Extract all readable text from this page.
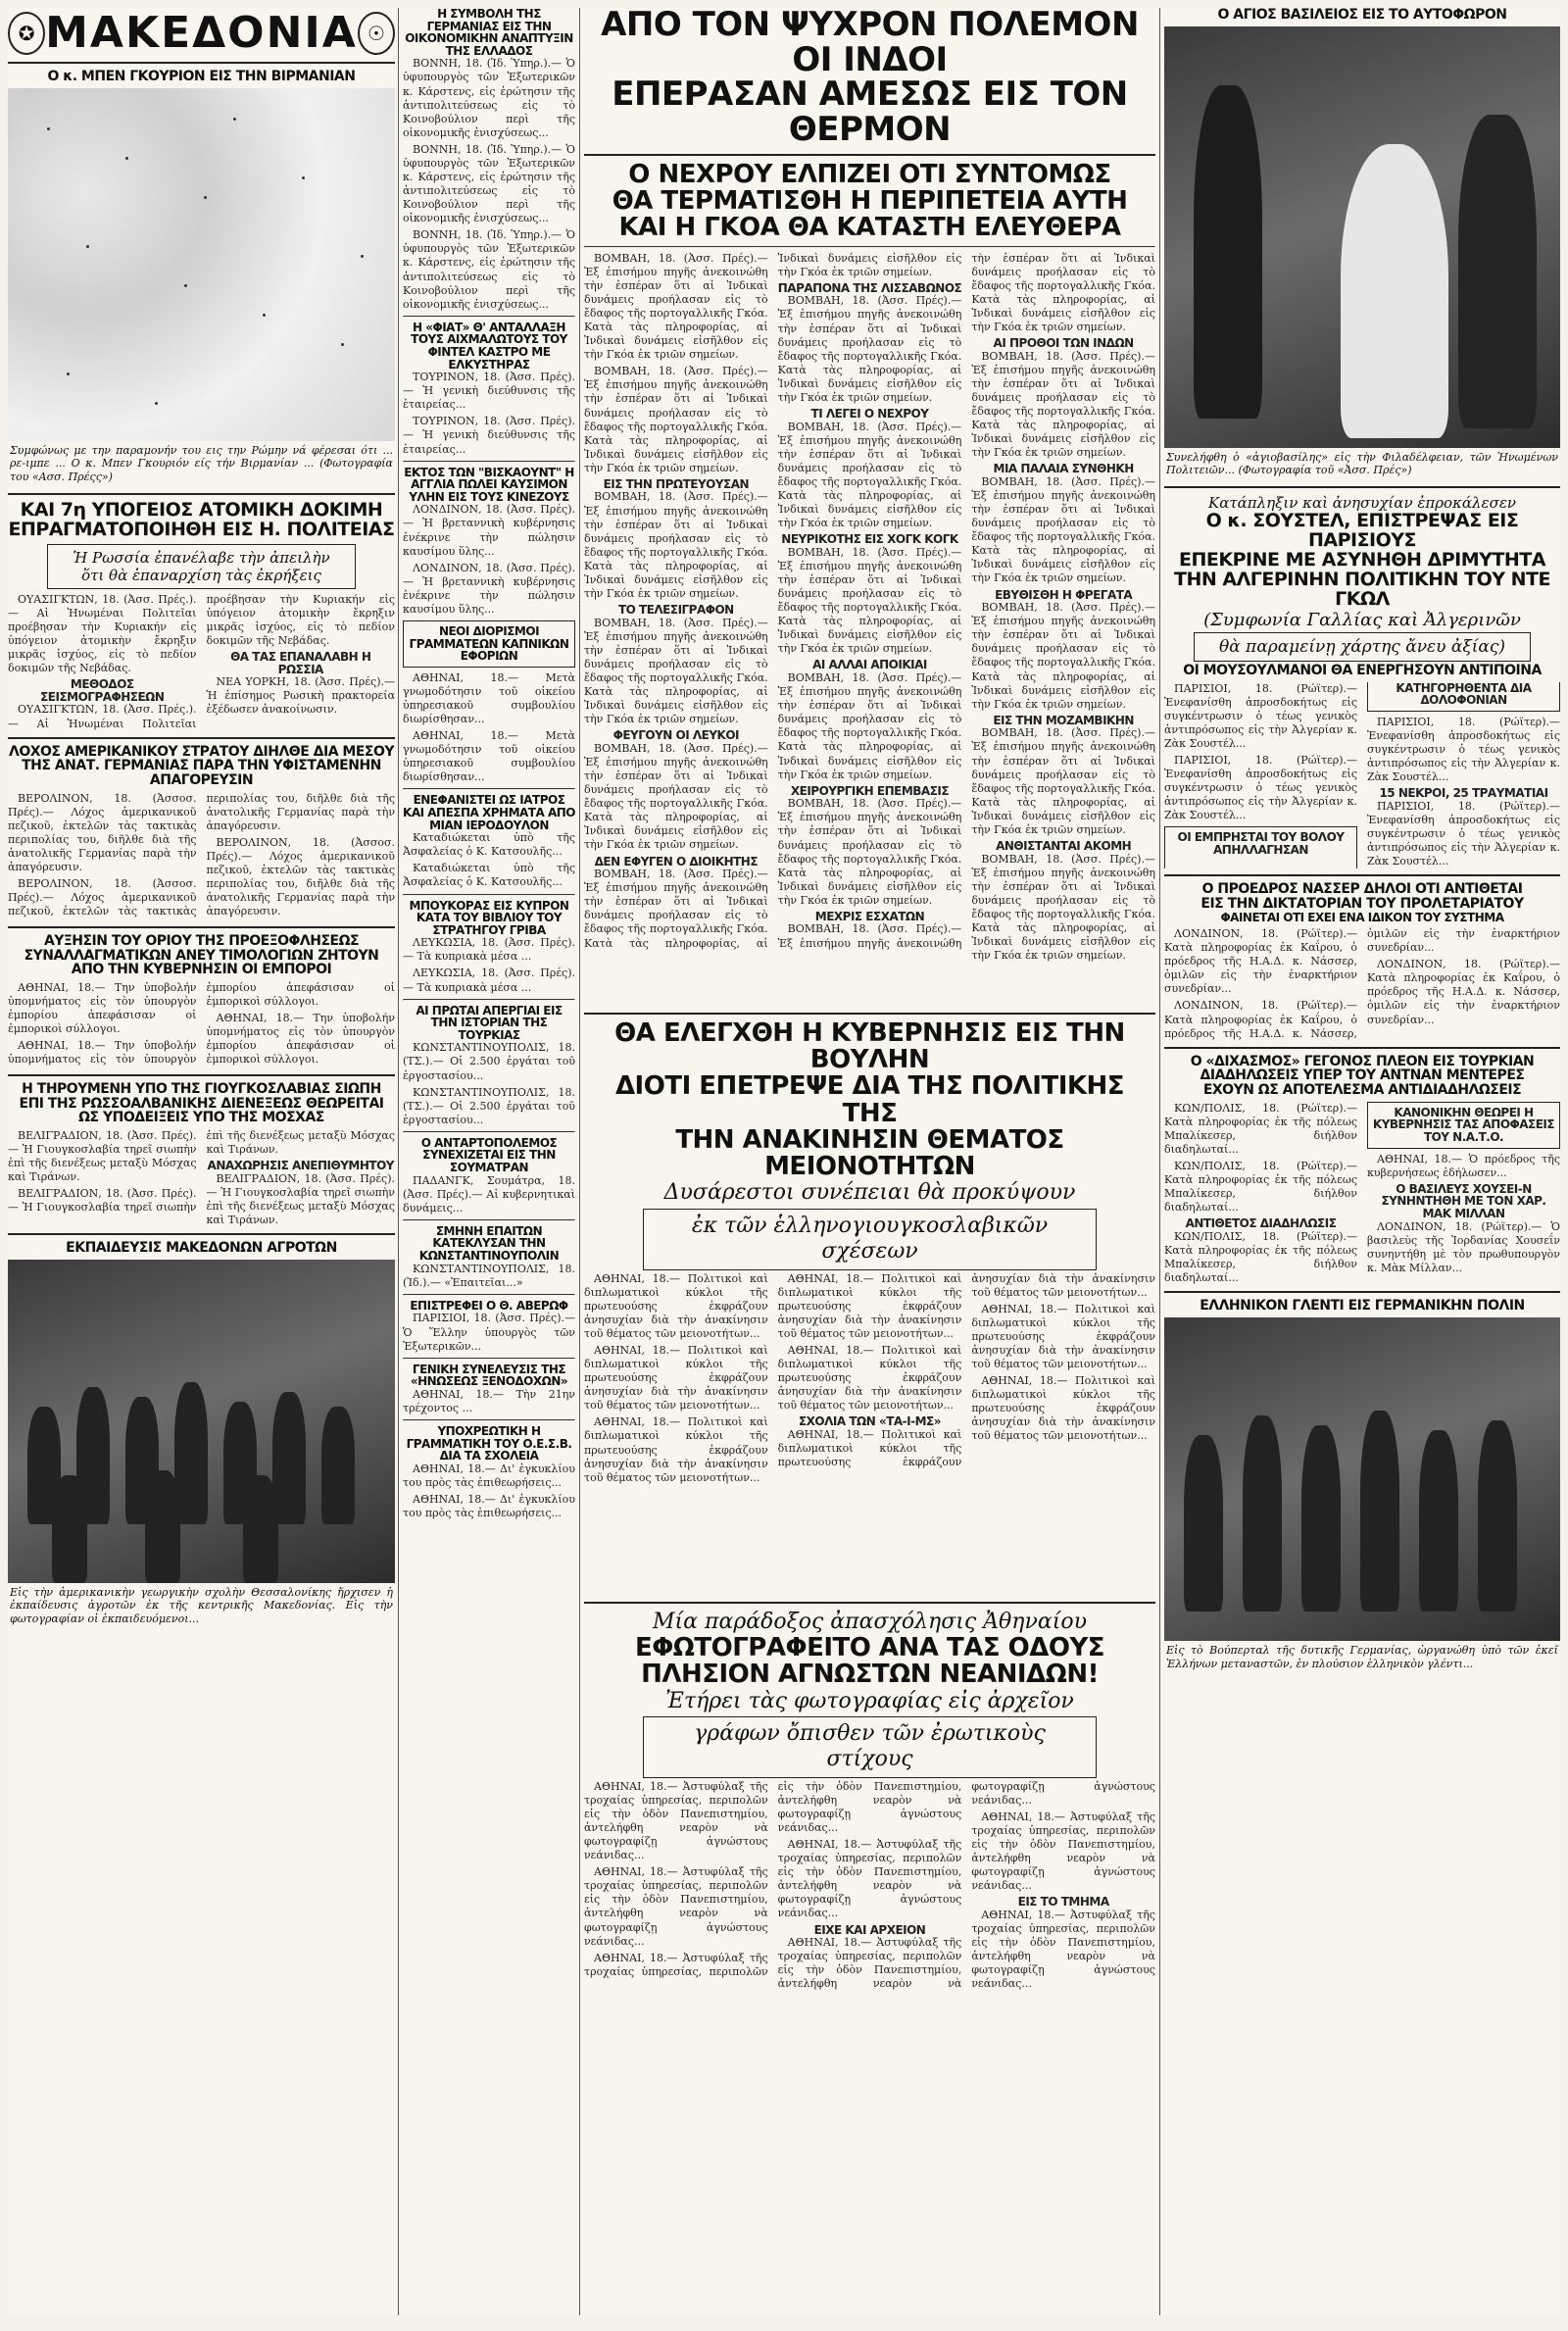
✪ ΜΑΚΕΔΟΝΙΑ ☉
Ο κ. ΜΠΕΝ ΓΚΟΥΡΙΟΝ ΕΙΣ ΤΗΝ ΒΙΡΜΑΝΙΑΝ
Συμφώνως με την παραμονήν του εις την Ρώμην νά φέρεσαι ότι ... ρε-ιμπε ... Ο κ. Μπεν Γκουριόν είς τήν Βιρμανίαν ... (Φωτογραφία του «Ασσ. Πρέςς»)
ΚΑΙ 7η ΥΠΟΓΕΙΟΣ ΑΤΟΜΙΚΗ ΔΟΚΙΜΗ ΕΠΡΑΓΜΑΤΟΠΟΙΗΘΗ ΕΙΣ Η. ΠΟΛΙΤΕΙΑΣ
Ἡ Ρωσσία ἐπανέλαβε τὴν ἀπειλὴν
ὅτι θὰ ἐπαναρχίση τὰς ἐκρήξεις

ΟΥΑΣΙΓΚΤΩΝ, 18. (Ἀσσ. Πρές.).— Αἱ Ἡνωμέναι Πολιτεῖαι προέβησαν τὴν Κυριακήν εἰς ὑπόγειον ἀτομικὴν ἔκρηξιν μικρᾶς ἰσχύος, εἰς τὸ πεδίον δοκιμῶν τῆς Νεβάδας.

ΜΕΘΟΔΟΣ ΣΕΙΣΜΟΓΡΑΦΗΣΕΩΝ

ΟΥΑΣΙΓΚΤΩΝ, 18. (Ἀσσ. Πρές.).— Αἱ Ἡνωμέναι Πολιτεῖαι προέβησαν τὴν Κυριακήν εἰς ὑπόγειον ἀτομικὴν ἔκρηξιν μικρᾶς ἰσχύος, εἰς τὸ πεδίον δοκιμῶν τῆς Νεβάδας.

ΘΑ ΤΑΣ ΕΠΑΝΑΛΑΒΗ Η ΡΩΣΣΙΑ

ΝΕΑ ΥΟΡΚΗ, 18. (Ἀσσ. Πρές).— Ἡ ἐπίσημος Ρωσικὴ πρακτορεία ἐξέδωσεν ἀνακοίνωσιν.

ΛΟΧΟΣ ΑΜΕΡΙΚΑΝΙΚΟΥ ΣΤΡΑΤΟΥ ΔΙΗΛΘΕ ΔΙΑ ΜΕΣΟΥ ΤΗΣ ΑΝΑΤ. ΓΕΡΜΑΝΙΑΣ ΠΑΡΑ ΤΗΝ ΥΦΙΣΤΑΜΕΝΗΝ ΑΠΑΓΟΡΕΥΣΙΝ

ΒΕΡΟΛΙΝΟΝ, 18. (Ἀσσοσ. Πρές).— Λόχος ἀμερικανικοῦ πεζικοῦ, ἐκτελῶν τὰς τακτικὰς περιπολίας του, διῆλθε διὰ τῆς ἀνατολικῆς Γερμανίας παρὰ τὴν ἀπαγόρευσιν.

ΒΕΡΟΛΙΝΟΝ, 18. (Ἀσσοσ. Πρές).— Λόχος ἀμερικανικοῦ πεζικοῦ, ἐκτελῶν τὰς τακτικὰς περιπολίας του, διῆλθε διὰ τῆς ἀνατολικῆς Γερμανίας παρὰ τὴν ἀπαγόρευσιν.

ΒΕΡΟΛΙΝΟΝ, 18. (Ἀσσοσ. Πρές).— Λόχος ἀμερικανικοῦ πεζικοῦ, ἐκτελῶν τὰς τακτικὰς περιπολίας του, διῆλθε διὰ τῆς ἀνατολικῆς Γερμανίας παρὰ τὴν ἀπαγόρευσιν.

ΑΥΞΗΣΙΝ ΤΟΥ ΟΡΙΟΥ ΤΗΣ ΠΡΟΕΞΟΦΛΗΣΕΩΣ ΣΥΝΑΛΛΑΓΜΑΤΙΚΩΝ ΑΝΕΥ ΤΙΜΟΛΟΓΙΩΝ ΖΗΤΟΥΝ ΑΠΟ ΤΗΝ ΚΥΒΕΡΝΗΣΙΝ ΟΙ ΕΜΠΟΡΟΙ

ΑΘΗΝΑΙ, 18.— Την ὑποβολήν ὑπομνήματος εἰς τὸν ὑπουργὸν ἐμπορίου ἀπεφάσισαν οἱ ἐμπορικοὶ σύλλογοι.

ΑΘΗΝΑΙ, 18.— Την ὑποβολήν ὑπομνήματος εἰς τὸν ὑπουργὸν ἐμπορίου ἀπεφάσισαν οἱ ἐμπορικοὶ σύλλογοι.

ΑΘΗΝΑΙ, 18.— Την ὑποβολήν ὑπομνήματος εἰς τὸν ὑπουργὸν ἐμπορίου ἀπεφάσισαν οἱ ἐμπορικοὶ σύλλογοι.

Η ΤΗΡΟΥΜΕΝΗ ΥΠΟ ΤΗΣ ΓΙΟΥΓΚΟΣΛΑΒΙΑΣ ΣΙΩΠΗ ΕΠΙ ΤΗΣ ΡΩΣΣΟΑΛΒΑΝΙΚΗΣ ΔΙΕΝΕΞΕΩΣ ΘΕΩΡΕΙΤΑΙ ΩΣ ΥΠΟΔΕΙΞΕΙΣ ΥΠΟ ΤΗΣ ΜΟΣΧΑΣ

ΒΕΛΙΓΡΑΔΙΟΝ, 18. (Ἀσσ. Πρές).— Ἡ Γιουγκοσλαβία τηρεῖ σιωπὴν ἐπὶ τῆς διενέξεως μεταξὺ Μόσχας καὶ Τιράνων.

ΒΕΛΙΓΡΑΔΙΟΝ, 18. (Ἀσσ. Πρές).— Ἡ Γιουγκοσλαβία τηρεῖ σιωπὴν ἐπὶ τῆς διενέξεως μεταξὺ Μόσχας καὶ Τιράνων.

ΑΝΑΧΩΡΗΣΙΣ ΑΝΕΠΙΘΥΜΗΤΟΥ

ΒΕΛΙΓΡΑΔΙΟΝ, 18. (Ἀσσ. Πρές).— Ἡ Γιουγκοσλαβία τηρεῖ σιωπὴν ἐπὶ τῆς διενέξεως μεταξὺ Μόσχας καὶ Τιράνων.

ΕΚΠΑΙΔΕΥΣΙΣ ΜΑΚΕΔΟΝΩΝ ΑΓΡΟΤΩΝ
Εἰς τὴν ἀμερικανικὴν γεωργικὴν σχολὴν Θεσσαλονίκης ἤρχισεν ἡ ἐκπαίδευσις ἀγροτῶν ἐκ τῆς κεντρικῆς Μακεδονίας. Εἰς τὴν φωτογραφίαν οἱ ἐκπαιδευόμενοι...
Η ΣΥΜΒΟΛΗ ΤΗΣ ΓΕΡΜΑΝΙΑΣ ΕΙΣ ΤΗΝ ΟΙΚΟΝΟΜΙΚΗΝ ΑΝΑΠΤΥΞΙΝ ΤΗΣ ΕΛΛΑΔΟΣ

ΒΟΝΝΗ, 18. (Ἰδ. Ὑπηρ.).— Ὁ ὑφυπουργὸς τῶν Ἐξωτερικῶν κ. Κάρστενς, εἰς ἐρώτησιν τῆς ἀντιπολιτεύσεως εἰς τὸ Κοινοβούλιον περὶ τῆς οἰκονομικῆς ἐνισχύσεως...

ΒΟΝΝΗ, 18. (Ἰδ. Ὑπηρ.).— Ὁ ὑφυπουργὸς τῶν Ἐξωτερικῶν κ. Κάρστενς, εἰς ἐρώτησιν τῆς ἀντιπολιτεύσεως εἰς τὸ Κοινοβούλιον περὶ τῆς οἰκονομικῆς ἐνισχύσεως...

ΒΟΝΝΗ, 18. (Ἰδ. Ὑπηρ.).— Ὁ ὑφυπουργὸς τῶν Ἐξωτερικῶν κ. Κάρστενς, εἰς ἐρώτησιν τῆς ἀντιπολιτεύσεως εἰς τὸ Κοινοβούλιον περὶ τῆς οἰκονομικῆς ἐνισχύσεως...

Η «ΦΙΑΤ» Θ' ΑΝΤΑΛΛΑΞΗ ΤΟΥΣ ΑΙΧΜΑΛΩΤΟΥΣ ΤΟΥ ΦΙΝΤΕΛ ΚΑΣΤΡΟ ΜΕ ΕΛΚΥΣΤΗΡΑΣ

ΤΟΥΡΙΝΟΝ, 18. (Ἀσσ. Πρές).— Ἡ γενικὴ διεύθυνσις τῆς ἑταιρείας...

ΤΟΥΡΙΝΟΝ, 18. (Ἀσσ. Πρές).— Ἡ γενικὴ διεύθυνσις τῆς ἑταιρείας...

ΕΚΤΟΣ ΤΩΝ "ΒΙΣΚΑΟΥΝΤ" Η ΑΓΓΛΙΑ ΠΩΛΕΙ ΚΑΥΣΙΜΟΝ ΥΛΗΝ ΕΙΣ ΤΟΥΣ ΚΙΝΕΖΟΥΣ

ΛΟΝΔΙΝΟΝ, 18. (Ἀσσ. Πρές).— Ἡ βρεταννικὴ κυβέρνησις ἐνέκρινε τὴν πώλησιν καυσίμου ὕλης...

ΛΟΝΔΙΝΟΝ, 18. (Ἀσσ. Πρές).— Ἡ βρεταννικὴ κυβέρνησις ἐνέκρινε τὴν πώλησιν καυσίμου ὕλης...

ΝΕΟΙ ΔΙΟΡΙΣΜΟΙ ΓΡΑΜΜΑΤΕΩΝ ΚΑΠΝΙΚΩΝ ΕΦΟΡΙΩΝ

ΑΘΗΝΑΙ, 18.— Μετὰ γνωμοδότησιν τοῦ οἰκείου ὑπηρεσιακοῦ συμβουλίου διωρίσθησαν...

ΑΘΗΝΑΙ, 18.— Μετὰ γνωμοδότησιν τοῦ οἰκείου ὑπηρεσιακοῦ συμβουλίου διωρίσθησαν...

ΕΝΕΦΑΝΙΣΤΕΙ ΩΣ ΙΑΤΡΟΣ ΚΑΙ ΑΠΕΣΠΑ ΧΡΗΜΑΤΑ ΑΠΟ ΜΙΑΝ ΙΕΡΟΔΟΥΛΟΝ

Καταδιώκεται ὑπὸ τῆς Ἀσφαλείας ὁ Κ. Κατσουλῆς...

Καταδιώκεται ὑπὸ τῆς Ἀσφαλείας ὁ Κ. Κατσουλῆς...

ΜΠΟΥΚΟΡΑΣ ΕΙΣ ΚΥΠΡΟΝ ΚΑΤΑ ΤΟΥ ΒΙΒΛΙΟΥ ΤΟΥ ΣΤΡΑΤΗΓΟΥ ΓΡΙΒΑ

ΛΕΥΚΩΣΙΑ, 18. (Ἀσσ. Πρές).— Τὰ κυπριακὰ μέσα ...

ΛΕΥΚΩΣΙΑ, 18. (Ἀσσ. Πρές).— Τὰ κυπριακὰ μέσα ...

ΑΙ ΠΡΩΤΑΙ ΑΠΕΡΓΙΑΙ ΕΙΣ ΤΗΝ ΙΣΤΟΡΙΑΝ ΤΗΣ ΤΟΥΡΚΙΑΣ

ΚΩΝΣΤΑΝΤΙΝΟΥΠΟΛΙΣ, 18. (ΤΣ.).— Οἱ 2.500 ἐργάται τοῦ ἐργοστασίου...

ΚΩΝΣΤΑΝΤΙΝΟΥΠΟΛΙΣ, 18. (ΤΣ.).— Οἱ 2.500 ἐργάται τοῦ ἐργοστασίου...

Ο ΑΝΤΑΡΤΟΠΟΛΕΜΟΣ ΣΥΝΕΧΙΖΕΤΑΙ ΕΙΣ ΤΗΝ ΣΟΥΜΑΤΡΑΝ

ΠΑΔΑΝΓΚ, Σουμάτρα, 18. (Ἀσσ. Πρές).— Αἱ κυβερνητικαὶ δυνάμεις...

ΣΜΗΝΗ ΕΠΑΙΤΩΝ ΚΑΤΕΚΛΥΣΑΝ ΤΗΝ ΚΩΝΣΤΑΝΤΙΝΟΥΠΟΛΙΝ

ΚΩΝΣΤΑΝΤΙΝΟΥΠΟΛΙΣ, 18. (Ἰδ.).— «Ἐπαιτεῖαι...»

ΕΠΙΣΤΡΕΦΕΙ Ο Θ. ΑΒΕΡΩΦ

ΠΑΡΙΣΙΟΙ, 18. (Ἀσσ. Πρές).— Ὁ Ἕλλην ὑπουργὸς τῶν Ἐξωτερικῶν...

ΓΕΝΙΚΗ ΣΥΝΕΛΕΥΣΙΣ ΤΗΣ «ΗΝΩΣΕΩΣ ΞΕΝΟΔΟΧΩΝ»

ΑΘΗΝΑΙ, 18.— Τὴν 21ην τρέχοντος ...

ΥΠΟΧΡΕΩΤΙΚΗ Η ΓΡΑΜΜΑΤΙΚΗ ΤΟΥ Ο.Ε.Σ.Β. ΔΙΑ ΤΑ ΣΧΟΛΕΙΑ

ΑΘΗΝΑΙ, 18.— Δι' ἐγκυκλίου του πρὸς τὰς ἐπιθεωρήσεις...

ΑΘΗΝΑΙ, 18.— Δι' ἐγκυκλίου του πρὸς τὰς ἐπιθεωρήσεις...

ΑΠΟ ΤΟΝ ΨΥΧΡΟΝ ΠΟΛΕΜΟΝ ΟΙ ΙΝΔΟΙ
ΕΠΕΡΑΣΑΝ ΑΜΕΣΩΣ ΕΙΣ ΤΟΝ ΘΕΡΜΟΝ
Ο ΝΕΧΡΟΥ ΕΛΠΙΖΕΙ ΟΤΙ ΣΥΝΤΟΜΩΣ
ΘΑ ΤΕΡΜΑΤΙΣΘΗ Η ΠΕΡΙΠΕΤΕΙΑ ΑΥΤΗ
ΚΑΙ Η ΓΚΟΑ ΘΑ ΚΑΤΑΣΤΗ ΕΛΕΥΘΕΡΑ

ΒΟΜΒΑΗ, 18. (Ἀσσ. Πρές).— Ἐξ ἐπισήμου πηγῆς ἀνεκοινώθη τὴν ἑσπέραν ὅτι αἱ Ἰνδικαὶ δυνάμεις προήλασαν εἰς τὸ ἔδαφος τῆς πορτογαλλικῆς Γκόα. Κατὰ τὰς πληροφορίας, αἱ Ἰνδικαὶ δυνάμεις εἰσῆλθον εἰς τὴν Γκόα ἐκ τριῶν σημείων.

ΒΟΜΒΑΗ, 18. (Ἀσσ. Πρές).— Ἐξ ἐπισήμου πηγῆς ἀνεκοινώθη τὴν ἑσπέραν ὅτι αἱ Ἰνδικαὶ δυνάμεις προήλασαν εἰς τὸ ἔδαφος τῆς πορτογαλλικῆς Γκόα. Κατὰ τὰς πληροφορίας, αἱ Ἰνδικαὶ δυνάμεις εἰσῆλθον εἰς τὴν Γκόα ἐκ τριῶν σημείων.

ΕΙΣ ΤΗΝ ΠΡΩΤΕΥΟΥΣΑΝ

ΒΟΜΒΑΗ, 18. (Ἀσσ. Πρές).— Ἐξ ἐπισήμου πηγῆς ἀνεκοινώθη τὴν ἑσπέραν ὅτι αἱ Ἰνδικαὶ δυνάμεις προήλασαν εἰς τὸ ἔδαφος τῆς πορτογαλλικῆς Γκόα. Κατὰ τὰς πληροφορίας, αἱ Ἰνδικαὶ δυνάμεις εἰσῆλθον εἰς τὴν Γκόα ἐκ τριῶν σημείων.

ΤΟ ΤΕΛΕΣΙΓΡΑΦΟΝ

ΒΟΜΒΑΗ, 18. (Ἀσσ. Πρές).— Ἐξ ἐπισήμου πηγῆς ἀνεκοινώθη τὴν ἑσπέραν ὅτι αἱ Ἰνδικαὶ δυνάμεις προήλασαν εἰς τὸ ἔδαφος τῆς πορτογαλλικῆς Γκόα. Κατὰ τὰς πληροφορίας, αἱ Ἰνδικαὶ δυνάμεις εἰσῆλθον εἰς τὴν Γκόα ἐκ τριῶν σημείων.

ΦΕΥΓΟΥΝ ΟΙ ΛΕΥΚΟΙ

ΒΟΜΒΑΗ, 18. (Ἀσσ. Πρές).— Ἐξ ἐπισήμου πηγῆς ἀνεκοινώθη τὴν ἑσπέραν ὅτι αἱ Ἰνδικαὶ δυνάμεις προήλασαν εἰς τὸ ἔδαφος τῆς πορτογαλλικῆς Γκόα. Κατὰ τὰς πληροφορίας, αἱ Ἰνδικαὶ δυνάμεις εἰσῆλθον εἰς τὴν Γκόα ἐκ τριῶν σημείων.

ΔΕΝ ΕΦΥΓΕΝ Ο ΔΙΟΙΚΗΤΗΣ

ΒΟΜΒΑΗ, 18. (Ἀσσ. Πρές).— Ἐξ ἐπισήμου πηγῆς ἀνεκοινώθη τὴν ἑσπέραν ὅτι αἱ Ἰνδικαὶ δυνάμεις προήλασαν εἰς τὸ ἔδαφος τῆς πορτογαλλικῆς Γκόα. Κατὰ τὰς πληροφορίας, αἱ Ἰνδικαὶ δυνάμεις εἰσῆλθον εἰς τὴν Γκόα ἐκ τριῶν σημείων.

ΠΑΡΑΠΟΝΑ ΤΗΣ ΛΙΣΣΑΒΩΝΟΣ

ΒΟΜΒΑΗ, 18. (Ἀσσ. Πρές).— Ἐξ ἐπισήμου πηγῆς ἀνεκοινώθη τὴν ἑσπέραν ὅτι αἱ Ἰνδικαὶ δυνάμεις προήλασαν εἰς τὸ ἔδαφος τῆς πορτογαλλικῆς Γκόα. Κατὰ τὰς πληροφορίας, αἱ Ἰνδικαὶ δυνάμεις εἰσῆλθον εἰς τὴν Γκόα ἐκ τριῶν σημείων.

ΤΙ ΛΕΓΕΙ Ο ΝΕΧΡΟΥ

ΒΟΜΒΑΗ, 18. (Ἀσσ. Πρές).— Ἐξ ἐπισήμου πηγῆς ἀνεκοινώθη τὴν ἑσπέραν ὅτι αἱ Ἰνδικαὶ δυνάμεις προήλασαν εἰς τὸ ἔδαφος τῆς πορτογαλλικῆς Γκόα. Κατὰ τὰς πληροφορίας, αἱ Ἰνδικαὶ δυνάμεις εἰσῆλθον εἰς τὴν Γκόα ἐκ τριῶν σημείων.

ΝΕΥΡΙΚΟΤΗΣ ΕΙΣ ΧΟΓΚ ΚΟΓΚ

ΒΟΜΒΑΗ, 18. (Ἀσσ. Πρές).— Ἐξ ἐπισήμου πηγῆς ἀνεκοινώθη τὴν ἑσπέραν ὅτι αἱ Ἰνδικαὶ δυνάμεις προήλασαν εἰς τὸ ἔδαφος τῆς πορτογαλλικῆς Γκόα. Κατὰ τὰς πληροφορίας, αἱ Ἰνδικαὶ δυνάμεις εἰσῆλθον εἰς τὴν Γκόα ἐκ τριῶν σημείων.

ΑΙ ΑΛΛΑΙ ΑΠΟΙΚΙΑΙ

ΒΟΜΒΑΗ, 18. (Ἀσσ. Πρές).— Ἐξ ἐπισήμου πηγῆς ἀνεκοινώθη τὴν ἑσπέραν ὅτι αἱ Ἰνδικαὶ δυνάμεις προήλασαν εἰς τὸ ἔδαφος τῆς πορτογαλλικῆς Γκόα. Κατὰ τὰς πληροφορίας, αἱ Ἰνδικαὶ δυνάμεις εἰσῆλθον εἰς τὴν Γκόα ἐκ τριῶν σημείων.

ΧΕΙΡΟΥΡΓΙΚΗ ΕΠΕΜΒΑΣΙΣ

ΒΟΜΒΑΗ, 18. (Ἀσσ. Πρές).— Ἐξ ἐπισήμου πηγῆς ἀνεκοινώθη τὴν ἑσπέραν ὅτι αἱ Ἰνδικαὶ δυνάμεις προήλασαν εἰς τὸ ἔδαφος τῆς πορτογαλλικῆς Γκόα. Κατὰ τὰς πληροφορίας, αἱ Ἰνδικαὶ δυνάμεις εἰσῆλθον εἰς τὴν Γκόα ἐκ τριῶν σημείων.

ΜΕΧΡΙΣ ΕΣΧΑΤΩΝ

ΒΟΜΒΑΗ, 18. (Ἀσσ. Πρές).— Ἐξ ἐπισήμου πηγῆς ἀνεκοινώθη τὴν ἑσπέραν ὅτι αἱ Ἰνδικαὶ δυνάμεις προήλασαν εἰς τὸ ἔδαφος τῆς πορτογαλλικῆς Γκόα. Κατὰ τὰς πληροφορίας, αἱ Ἰνδικαὶ δυνάμεις εἰσῆλθον εἰς τὴν Γκόα ἐκ τριῶν σημείων.

ΑΙ ΠΡΟΘΟΙ ΤΩΝ ΙΝΔΩΝ

ΒΟΜΒΑΗ, 18. (Ἀσσ. Πρές).— Ἐξ ἐπισήμου πηγῆς ἀνεκοινώθη τὴν ἑσπέραν ὅτι αἱ Ἰνδικαὶ δυνάμεις προήλασαν εἰς τὸ ἔδαφος τῆς πορτογαλλικῆς Γκόα. Κατὰ τὰς πληροφορίας, αἱ Ἰνδικαὶ δυνάμεις εἰσῆλθον εἰς τὴν Γκόα ἐκ τριῶν σημείων.

ΜΙΑ ΠΑΛΑΙΑ ΣΥΝΘΗΚΗ

ΒΟΜΒΑΗ, 18. (Ἀσσ. Πρές).— Ἐξ ἐπισήμου πηγῆς ἀνεκοινώθη τὴν ἑσπέραν ὅτι αἱ Ἰνδικαὶ δυνάμεις προήλασαν εἰς τὸ ἔδαφος τῆς πορτογαλλικῆς Γκόα. Κατὰ τὰς πληροφορίας, αἱ Ἰνδικαὶ δυνάμεις εἰσῆλθον εἰς τὴν Γκόα ἐκ τριῶν σημείων.

ΕΒΥΘΙΣΘΗ Η ΦΡΕΓΑΤΑ

ΒΟΜΒΑΗ, 18. (Ἀσσ. Πρές).— Ἐξ ἐπισήμου πηγῆς ἀνεκοινώθη τὴν ἑσπέραν ὅτι αἱ Ἰνδικαὶ δυνάμεις προήλασαν εἰς τὸ ἔδαφος τῆς πορτογαλλικῆς Γκόα. Κατὰ τὰς πληροφορίας, αἱ Ἰνδικαὶ δυνάμεις εἰσῆλθον εἰς τὴν Γκόα ἐκ τριῶν σημείων.

ΕΙΣ ΤΗΝ ΜΟΖΑΜΒΙΚΗΝ

ΒΟΜΒΑΗ, 18. (Ἀσσ. Πρές).— Ἐξ ἐπισήμου πηγῆς ἀνεκοινώθη τὴν ἑσπέραν ὅτι αἱ Ἰνδικαὶ δυνάμεις προήλασαν εἰς τὸ ἔδαφος τῆς πορτογαλλικῆς Γκόα. Κατὰ τὰς πληροφορίας, αἱ Ἰνδικαὶ δυνάμεις εἰσῆλθον εἰς τὴν Γκόα ἐκ τριῶν σημείων.

ΑΝΘΙΣΤΑΝΤΑΙ ΑΚΟΜΗ

ΒΟΜΒΑΗ, 18. (Ἀσσ. Πρές).— Ἐξ ἐπισήμου πηγῆς ἀνεκοινώθη τὴν ἑσπέραν ὅτι αἱ Ἰνδικαὶ δυνάμεις προήλασαν εἰς τὸ ἔδαφος τῆς πορτογαλλικῆς Γκόα. Κατὰ τὰς πληροφορίας, αἱ Ἰνδικαὶ δυνάμεις εἰσῆλθον εἰς τὴν Γκόα ἐκ τριῶν σημείων.

ΘΑ ΕΛΕΓΧΘΗ Η ΚΥΒΕΡΝΗΣΙΣ ΕΙΣ ΤΗΝ ΒΟΥΛΗΝ
ΔΙΟΤΙ ΕΠΕΤΡΕΨΕ ΔΙΑ ΤΗΣ ΠΟΛΙΤΙΚΗΣ ΤΗΣ
ΤΗΝ ΑΝΑΚΙΝΗΣΙΝ ΘΕΜΑΤΟΣ ΜΕΙΟΝΟΤΗΤΩΝ
Δυσάρεστοι συνέπειαι θὰ προκύψουν
ἐκ τῶν ἑλληνογιουγκοσλαβικῶν σχέσεων

ΑΘΗΝΑΙ, 18.— Πολιτικοὶ καὶ διπλωματικοὶ κύκλοι τῆς πρωτευούσης ἐκφράζουν ἀνησυχίαν διὰ τὴν ἀνακίνησιν τοῦ θέματος τῶν μειονοτήτων...

ΑΘΗΝΑΙ, 18.— Πολιτικοὶ καὶ διπλωματικοὶ κύκλοι τῆς πρωτευούσης ἐκφράζουν ἀνησυχίαν διὰ τὴν ἀνακίνησιν τοῦ θέματος τῶν μειονοτήτων...

ΑΘΗΝΑΙ, 18.— Πολιτικοὶ καὶ διπλωματικοὶ κύκλοι τῆς πρωτευούσης ἐκφράζουν ἀνησυχίαν διὰ τὴν ἀνακίνησιν τοῦ θέματος τῶν μειονοτήτων...

ΑΘΗΝΑΙ, 18.— Πολιτικοὶ καὶ διπλωματικοὶ κύκλοι τῆς πρωτευούσης ἐκφράζουν ἀνησυχίαν διὰ τὴν ἀνακίνησιν τοῦ θέματος τῶν μειονοτήτων...

ΑΘΗΝΑΙ, 18.— Πολιτικοὶ καὶ διπλωματικοὶ κύκλοι τῆς πρωτευούσης ἐκφράζουν ἀνησυχίαν διὰ τὴν ἀνακίνησιν τοῦ θέματος τῶν μειονοτήτων...

ΣΧΟΛΙΑ ΤΩΝ «ΤΑ-Ι-ΜΣ»

ΑΘΗΝΑΙ, 18.— Πολιτικοὶ καὶ διπλωματικοὶ κύκλοι τῆς πρωτευούσης ἐκφράζουν ἀνησυχίαν διὰ τὴν ἀνακίνησιν τοῦ θέματος τῶν μειονοτήτων...

ΑΘΗΝΑΙ, 18.— Πολιτικοὶ καὶ διπλωματικοὶ κύκλοι τῆς πρωτευούσης ἐκφράζουν ἀνησυχίαν διὰ τὴν ἀνακίνησιν τοῦ θέματος τῶν μειονοτήτων...

ΑΘΗΝΑΙ, 18.— Πολιτικοὶ καὶ διπλωματικοὶ κύκλοι τῆς πρωτευούσης ἐκφράζουν ἀνησυχίαν διὰ τὴν ἀνακίνησιν τοῦ θέματος τῶν μειονοτήτων...

Μία παράδοξος ἀπασχόλησις Ἀθηναίου
ΕΦΩΤΟΓΡΑΦΕΙΤΟ ΑΝΑ ΤΑΣ ΟΔΟΥΣ
ΠΛΗΣΙΟΝ ΑΓΝΩΣΤΩΝ ΝΕΑΝΙΔΩΝ!
Ἐτήρει τὰς φωτογραφίας εἰς ἀρχεῖον
γράφων ὄπισθεν τῶν ἐρωτικοὺς στίχους

ΑΘΗΝΑΙ, 18.— Ἀστυφύλαξ τῆς τροχαίας ὑπηρεσίας, περιπολῶν εἰς τὴν ὁδὸν Πανεπιστημίου, ἀντελήφθη νεαρὸν νὰ φωτογραφίζῃ ἀγνώστους νεάνιδας...

ΑΘΗΝΑΙ, 18.— Ἀστυφύλαξ τῆς τροχαίας ὑπηρεσίας, περιπολῶν εἰς τὴν ὁδὸν Πανεπιστημίου, ἀντελήφθη νεαρὸν νὰ φωτογραφίζῃ ἀγνώστους νεάνιδας...

ΑΘΗΝΑΙ, 18.— Ἀστυφύλαξ τῆς τροχαίας ὑπηρεσίας, περιπολῶν εἰς τὴν ὁδὸν Πανεπιστημίου, ἀντελήφθη νεαρὸν νὰ φωτογραφίζῃ ἀγνώστους νεάνιδας...

ΑΘΗΝΑΙ, 18.— Ἀστυφύλαξ τῆς τροχαίας ὑπηρεσίας, περιπολῶν εἰς τὴν ὁδὸν Πανεπιστημίου, ἀντελήφθη νεαρὸν νὰ φωτογραφίζῃ ἀγνώστους νεάνιδας...

ΕΙΧΕ ΚΑΙ ΑΡΧΕΙΟΝ

ΑΘΗΝΑΙ, 18.— Ἀστυφύλαξ τῆς τροχαίας ὑπηρεσίας, περιπολῶν εἰς τὴν ὁδὸν Πανεπιστημίου, ἀντελήφθη νεαρὸν νὰ φωτογραφίζῃ ἀγνώστους νεάνιδας...

ΑΘΗΝΑΙ, 18.— Ἀστυφύλαξ τῆς τροχαίας ὑπηρεσίας, περιπολῶν εἰς τὴν ὁδὸν Πανεπιστημίου, ἀντελήφθη νεαρὸν νὰ φωτογραφίζῃ ἀγνώστους νεάνιδας...

ΕΙΣ ΤΟ ΤΜΗΜΑ

ΑΘΗΝΑΙ, 18.— Ἀστυφύλαξ τῆς τροχαίας ὑπηρεσίας, περιπολῶν εἰς τὴν ὁδὸν Πανεπιστημίου, ἀντελήφθη νεαρὸν νὰ φωτογραφίζῃ ἀγνώστους νεάνιδας...

Ο ΑΓΙΟΣ ΒΑΣΙΛΕΙΟΣ ΕΙΣ ΤΟ ΑΥΤΟΦΩΡΟΝ
Συνελήφθη ὁ «ἁγιοβασίλης» εἰς τὴν Φιλαδέλφειαν, τῶν Ἡνωμένων Πολιτειῶν... (Φωτογραφία τοῦ «Ἀσσ. Πρές»)
Κατάπληξιν καὶ ἀνησυχίαν ἐπροκάλεσεν
Ο κ. ΣΟΥΣΤΕΛ, ΕΠΙΣΤΡΕΨΑΣ ΕΙΣ ΠΑΡΙΣΙΟΥΣ
ΕΠΕΚΡΙΝΕ ΜΕ ΑΣΥΝΗΘΗ ΔΡΙΜΥΤΗΤΑ
ΤΗΝ ΑΛΓΕΡΙΝΗΝ ΠΟΛΙΤΙΚΗΝ ΤΟΥ ΝΤΕ ΓΚΩΛ
(Συμφωνία Γαλλίας καὶ Ἀλγερινῶν
θὰ παραμείνῃ χάρτης ἄνευ ἀξίας)
ΟΙ ΜΟΥΣΟΥΛΜΑΝΟΙ ΘΑ ΕΝΕΡΓΗΣΟΥΝ ΑΝΤΙΠΟΙΝΑ

ΠΑΡΙΣΙΟΙ, 18. (Ρώϊτερ).— Ἐνεφανίσθη ἀπροσδοκήτως εἰς συγκέντρωσιν ὁ τέως γενικὸς ἀντιπρόσωπος εἰς τὴν Ἀλγερίαν κ. Ζὰκ Σουστέλ...

ΠΑΡΙΣΙΟΙ, 18. (Ρώϊτερ).— Ἐνεφανίσθη ἀπροσδοκήτως εἰς συγκέντρωσιν ὁ τέως γενικὸς ἀντιπρόσωπος εἰς τὴν Ἀλγερίαν κ. Ζὰκ Σουστέλ...

ΟΙ ΕΜΠΡΗΣΤΑΙ ΤΟΥ ΒΟΛΟΥ ΑΠΗΛΛΑΓΗΣΑΝ ΚΑΤΗΓΟΡΗΘΕΝΤΑ ΔΙΑ ΔΟΛΟΦΟΝΙΑΝ

ΠΑΡΙΣΙΟΙ, 18. (Ρώϊτερ).— Ἐνεφανίσθη ἀπροσδοκήτως εἰς συγκέντρωσιν ὁ τέως γενικὸς ἀντιπρόσωπος εἰς τὴν Ἀλγερίαν κ. Ζὰκ Σουστέλ...

15 ΝΕΚΡΟΙ, 25 ΤΡΑΥΜΑΤΙΑΙ

ΠΑΡΙΣΙΟΙ, 18. (Ρώϊτερ).— Ἐνεφανίσθη ἀπροσδοκήτως εἰς συγκέντρωσιν ὁ τέως γενικὸς ἀντιπρόσωπος εἰς τὴν Ἀλγερίαν κ. Ζὰκ Σουστέλ...

Ο ΠΡΟΕΔΡΟΣ ΝΑΣΣΕΡ ΔΗΛΟΙ ΟΤΙ ΑΝΤΙΘΕΤΑΙ
ΕΙΣ ΤΗΝ ΔΙΚΤΑΤΟΡΙΑΝ ΤΟΥ ΠΡΟΛΕΤΑΡΙΑΤΟΥ
ΦΑΙΝΕΤΑΙ ΟΤΙ ΕΧΕΙ ΕΝΑ ΙΔΙΚΟΝ ΤΟΥ ΣΥΣΤΗΜΑ

ΛΟΝΔΙΝΟΝ, 18. (Ρώϊτερ).— Κατὰ πληροφορίας ἐκ Καΐρου, ὁ πρόεδρος τῆς Η.Α.Δ. κ. Νάσσερ, ὁμιλῶν εἰς τὴν ἐναρκτήριον συνεδρίαν...

ΛΟΝΔΙΝΟΝ, 18. (Ρώϊτερ).— Κατὰ πληροφορίας ἐκ Καΐρου, ὁ πρόεδρος τῆς Η.Α.Δ. κ. Νάσσερ, ὁμιλῶν εἰς τὴν ἐναρκτήριον συνεδρίαν...

ΛΟΝΔΙΝΟΝ, 18. (Ρώϊτερ).— Κατὰ πληροφορίας ἐκ Καΐρου, ὁ πρόεδρος τῆς Η.Α.Δ. κ. Νάσσερ, ὁμιλῶν εἰς τὴν ἐναρκτήριον συνεδρίαν...

Ο «ΔΙΧΑΣΜΟΣ» ΓΕΓΟΝΟΣ ΠΛΕΟΝ ΕΙΣ ΤΟΥΡΚΙΑΝ
ΔΙΑΔΗΛΩΣΕΙΣ ΥΠΕΡ ΤΟΥ ΑΝΤΝΑΝ ΜΕΝΤΕΡΕΣ
ΕΧΟΥΝ ΩΣ ΑΠΟΤΕΛΕΣΜΑ ΑΝΤΙΔΙΑΔΗΛΩΣΕΙΣ

ΚΩΝ/ΠΟΛΙΣ, 18. (Ρώϊτερ).— Κατὰ πληροφορίας ἐκ τῆς πόλεως Μπαλίκεσερ, διήλθον διαδηλωταί...

ΚΩΝ/ΠΟΛΙΣ, 18. (Ρώϊτερ).— Κατὰ πληροφορίας ἐκ τῆς πόλεως Μπαλίκεσερ, διήλθον διαδηλωταί...

ΑΝΤΙΘΕΤΟΣ ΔΙΑΔΗΛΩΣΙΣ

ΚΩΝ/ΠΟΛΙΣ, 18. (Ρώϊτερ).— Κατὰ πληροφορίας ἐκ τῆς πόλεως Μπαλίκεσερ, διήλθον διαδηλωταί...

ΚΑΝΟΝΙΚΗΝ ΘΕΩΡΕΙ Η ΚΥΒΕΡΝΗΣΙΣ ΤΑΣ ΑΠΟΦΑΣΕΙΣ ΤΟΥ Ν.Α.Τ.Ο.

ΑΘΗΝΑΙ, 18.— Ὁ πρόεδρος τῆς κυβερνήσεως ἐδήλωσεν...

Ο ΒΑΣΙΛΕΥΣ ΧΟΥΣΕΙ-Ν ΣΥΝΗΝΤΗΘΗ ΜΕ ΤΟΝ ΧΑΡ. ΜΑΚ ΜΙΛΛΑΝ

ΛΟΝΔΙΝΟΝ, 18. (Ρώϊτερ).— Ὁ βασιλεὺς τῆς Ἰορδανίας Χουσεΐν συνηντήθη μὲ τὸν πρωθυπουργὸν κ. Μὰκ Μίλλαν...

ΕΛΛΗΝΙΚΟΝ ΓΛΕΝΤΙ ΕΙΣ ΓΕΡΜΑΝΙΚΗΝ ΠΟΛΙΝ
Εἰς τὸ Βούπερταλ τῆς δυτικῆς Γερμανίας, ὠργανώθη ὑπὸ τῶν ἐκεῖ Ἑλλήνων μεταναστῶν, ἐν πλούσιον ἑλληνικὸν γλέντι...
